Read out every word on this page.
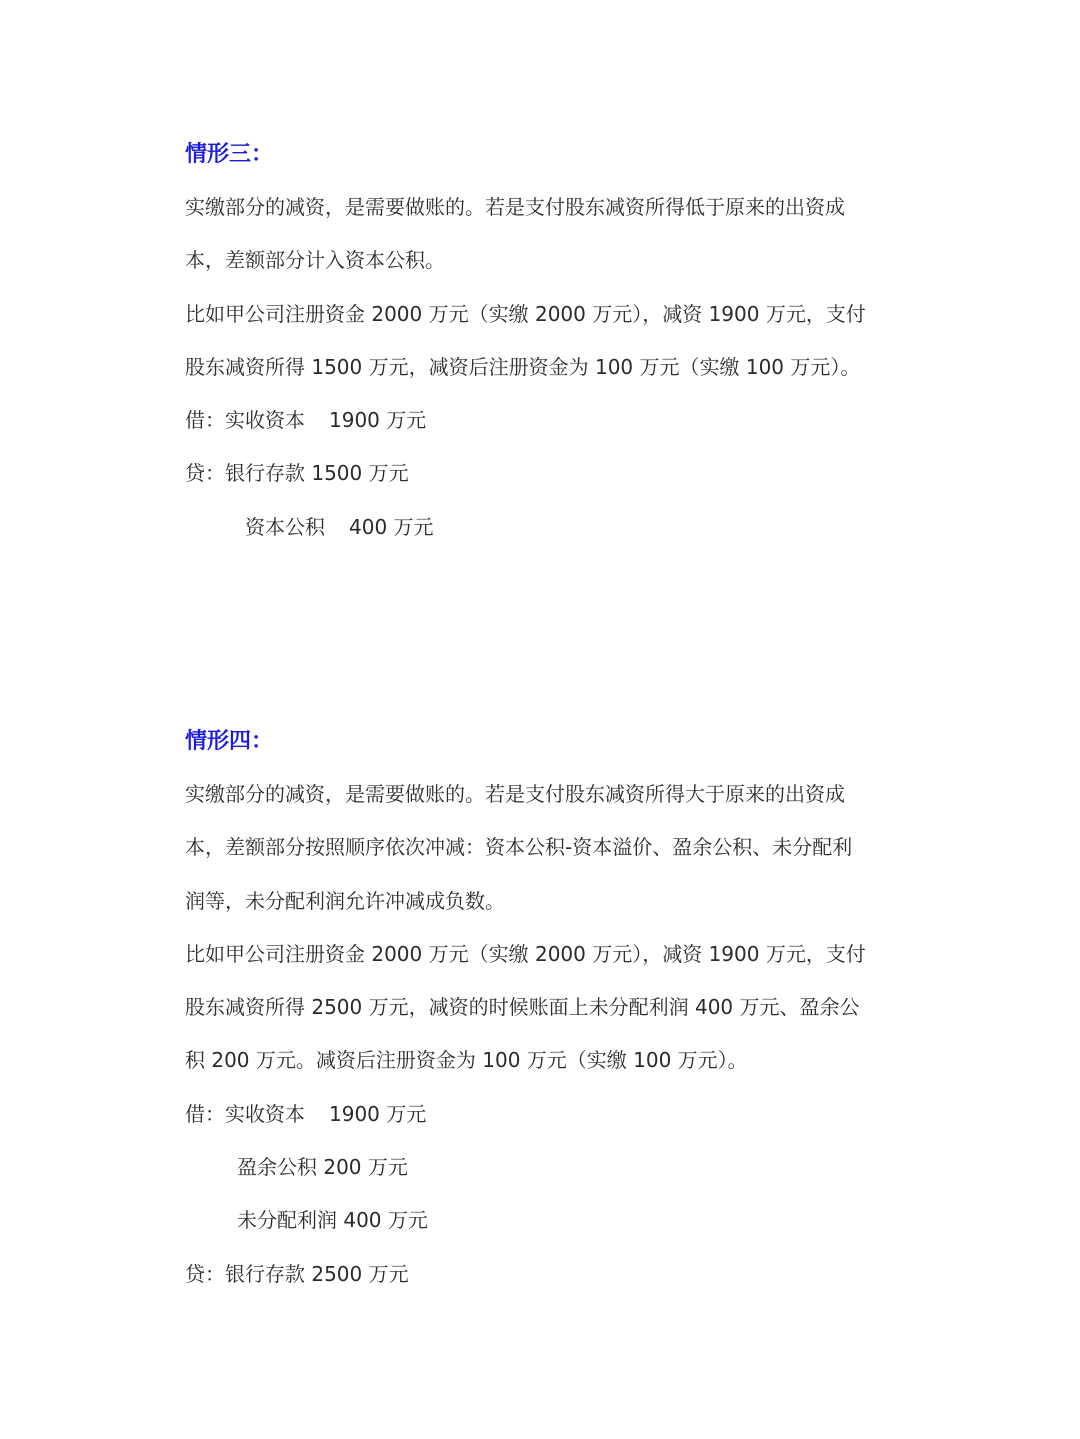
情形三：
实缴部分的减资，是需要做账的。若是支付股东减资所得低于原来的出资成
本，差额部分计入资本公积。
比如甲公司注册资金 2000 万元（实缴 2000 万元），减资 1900 万元，支付
股东减资所得 1500 万元，减资后注册资金为 100 万元（实缴 100 万元）。
借：实收资本 1900 万元
贷：银行存款 1500 万元
资本公积 400 万元
情形四：
实缴部分的减资，是需要做账的。若是支付股东减资所得大于原来的出资成
本，差额部分按照顺序依次冲减：资本公积-资本溢价、盈余公积、未分配利
润等，未分配利润允许冲减成负数。
比如甲公司注册资金 2000 万元（实缴 2000 万元），减资 1900 万元，支付
股东减资所得 2500 万元，减资的时候账面上未分配利润 400 万元、盈余公
积 200 万元。减资后注册资金为 100 万元（实缴 100 万元）。
借：实收资本 1900 万元
盈余公积 200 万元
未分配利润 400 万元
贷：银行存款 2500 万元
